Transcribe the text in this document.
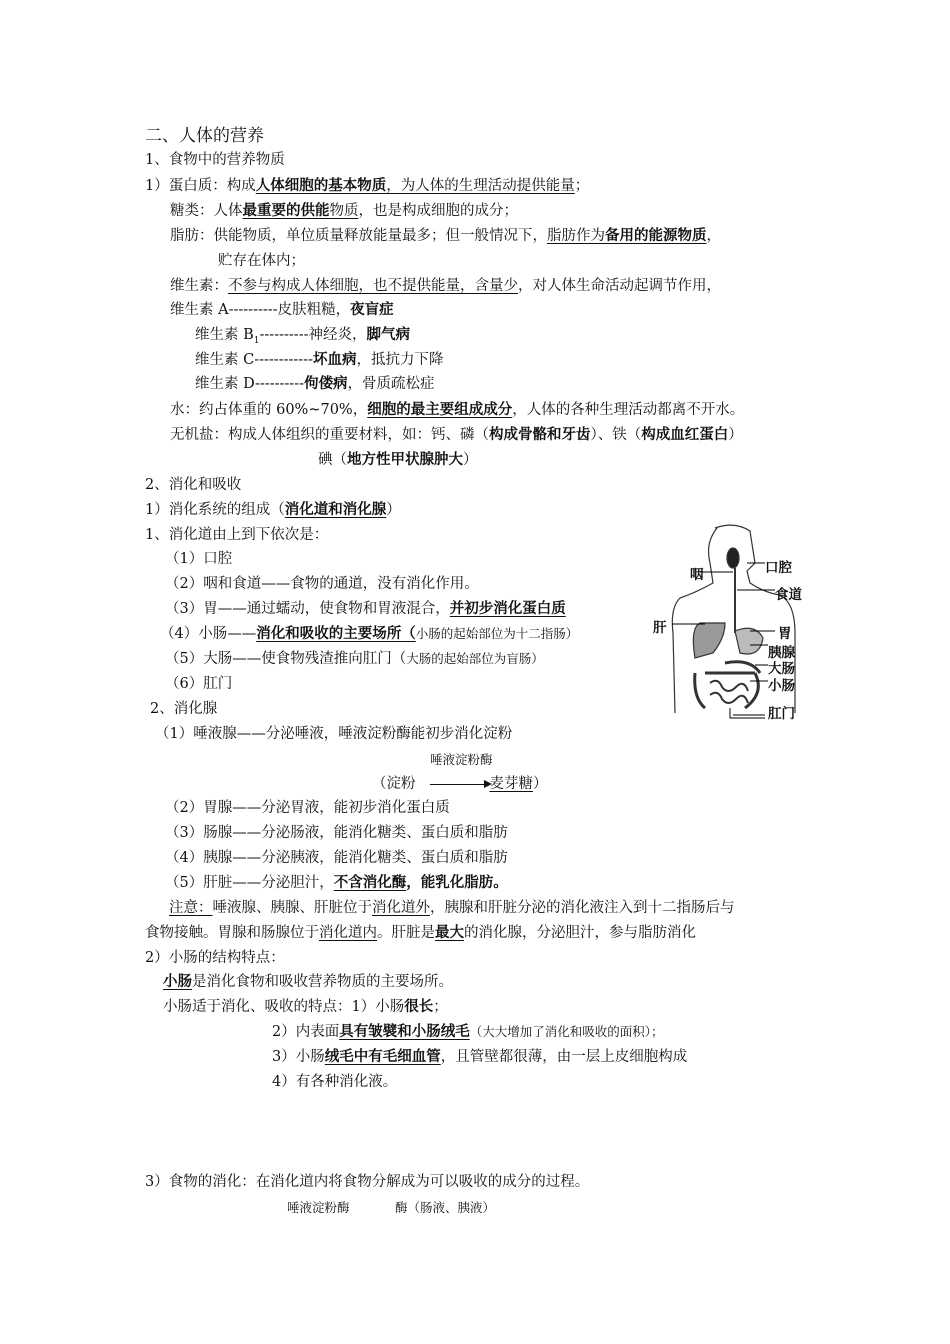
二、人体的营养
1、食物中的营养物质
1）蛋白质：构成人体细胞的基本物质，为人体的生理活动提供能量；
糖类：人体最重要的供能物质，也是构成细胞的成分；
脂肪：供能物质，单位质量释放能量最多；但一般情况下，脂肪作为备用的能源物质，
贮存在体内；
维生素：不参与构成人体细胞，也不提供能量，含量少，对人体生命活动起调节作用，
维生素 A----------皮肤粗糙，夜盲症
维生素 $B_1----------$神经炎，脚气病
维生素 C------------坏血病，抵抗力下降
维生素 D----------佝偻病，骨质疏松症
水：约占体重的 60%~70%，细胞的最主要组成成分，人体的各种生理活动都离不开水。
无机盐：构成人体组织的重要材料，如：钙、磷（构成骨骼和牙齿）、铁（构成血红蛋白）
碘（地方性甲状腺肿大）
2、消化和吸收
1）消化系统的组成（消化道和消化腺）
1、消化道由上到下依次是：
（1）口腔
（2）咽和食道——食物的通道，没有消化作用。
（3）胃——通过蠕动，使食物和胃液混合，并初步消化蛋白质
（4）小肠——消化和吸收的主要场所（小肠的起始部位为十二指肠）
（5）大肠——使食物残渣推向肛门（大肠的起始部位为盲肠）
（6）肛门
2、消化腺
（1）唾液腺——分泌唾液，唾液淀粉酶能初步消化淀粉
唾液淀粉酶
（淀粉	麦芽糖）
（2）胃腺——分泌胃液，能初步消化蛋白质
（3）肠腺——分泌肠液，能消化糖类、蛋白质和脂肪
（4）胰腺——分泌胰液，能消化糖类、蛋白质和脂肪
（5）肝脏——分泌胆汁，不含消化酶，能乳化脂肪。
注意：唾液腺、胰腺、肝脏位于消化道外，胰腺和肝脏分泌的消化液注入到十二指肠后与
食物接触。胃腺和肠腺位于消化道内。肝脏是最大的消化腺，分泌胆汁，参与脂肪消化
2）小肠的结构特点：
小肠是消化食物和吸收营养物质的主要场所。
小肠适于消化、吸收的特点：1）小肠很长；
2）内表面具有皱襞和小肠绒毛（大大增加了消化和吸收的面积）；
3）小肠绒毛中有毛细血管，且管壁都很薄，由一层上皮细胞构成
4）有各种消化液。
3）食物的消化：在消化道内将食物分解成为可以吸收的成分的过程。
唾液淀粉酶	酶（肠液、胰液）
咽	口腔
食道
肝	胃
胰腺
大肠
小肠
肛门
